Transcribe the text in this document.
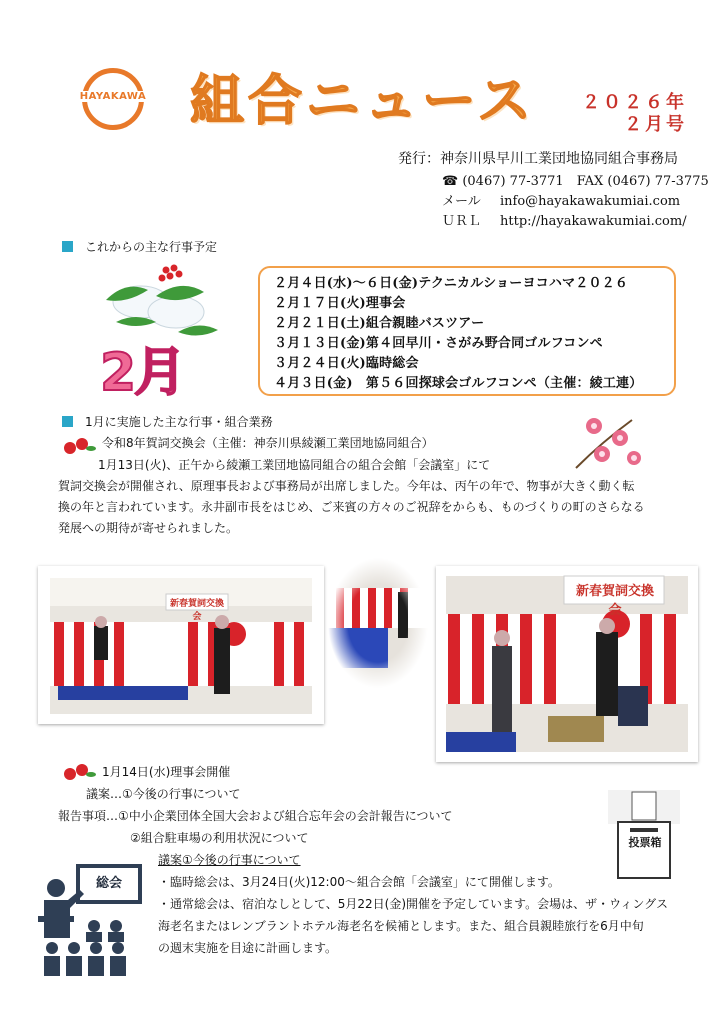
HAYAKAWA 組合ニュース	２０２６年
２月号
発行：神奈川県早川工業団地協同組合事務局
☎ (0467) 77-3771　FAX (0467) 77-3775
メール info@hayakawakumiai.com
ＵＲＬ http://hayakawakumiai.com/
これからの主な行事予定
2月
２月４日(水)～６日(金)テクニカルショーヨコハマ２０２６
２月１７日(火)理事会
２月２１日(土)組合親睦バスツアー
３月１３日(金)第４回早川・さがみ野合同ゴルフコンペ
３月２４日(火)臨時総会
４月３日(金)　第５６回探球会ゴルフコンペ（主催：綾工連）
1月に実施した主な行事・組合業務
令和8年賀詞交換会（主催：神奈川県綾瀬工業団地協同組合）
1月13日(火)、正午から綾瀬工業団地協同組合の組合会館「会議室」にて
賀詞交換会が開催され、原理事長および事務局が出席しました。今年は、丙午の年で、物事が大きく動く転
換の年と言われています。永井副市長をはじめ、ご来賓の方々のご祝辞をからも、ものづくりの町のさらなる
発展への期待が寄せられました。
新春賀詞交換会
新春賀詞交換会
1月14日(水)理事会開催
議案…①今後の行事について
報告事項…①中小企業団体全国大会および組合忘年会の会計報告について
②組合駐車場の利用状況について
議案①今後の行事について
・臨時総会は、3月24日(火)12:00～組合会館「会議室」にて開催します。
・通常総会は、宿泊なしとして、5月22日(金)開催を予定しています。会場は、ザ・ウィングス
海老名またはレンブラントホテル海老名を候補とします。また、組合員親睦旅行を6月中旬
の週末実施を目途に計画します。
投票箱
総会
